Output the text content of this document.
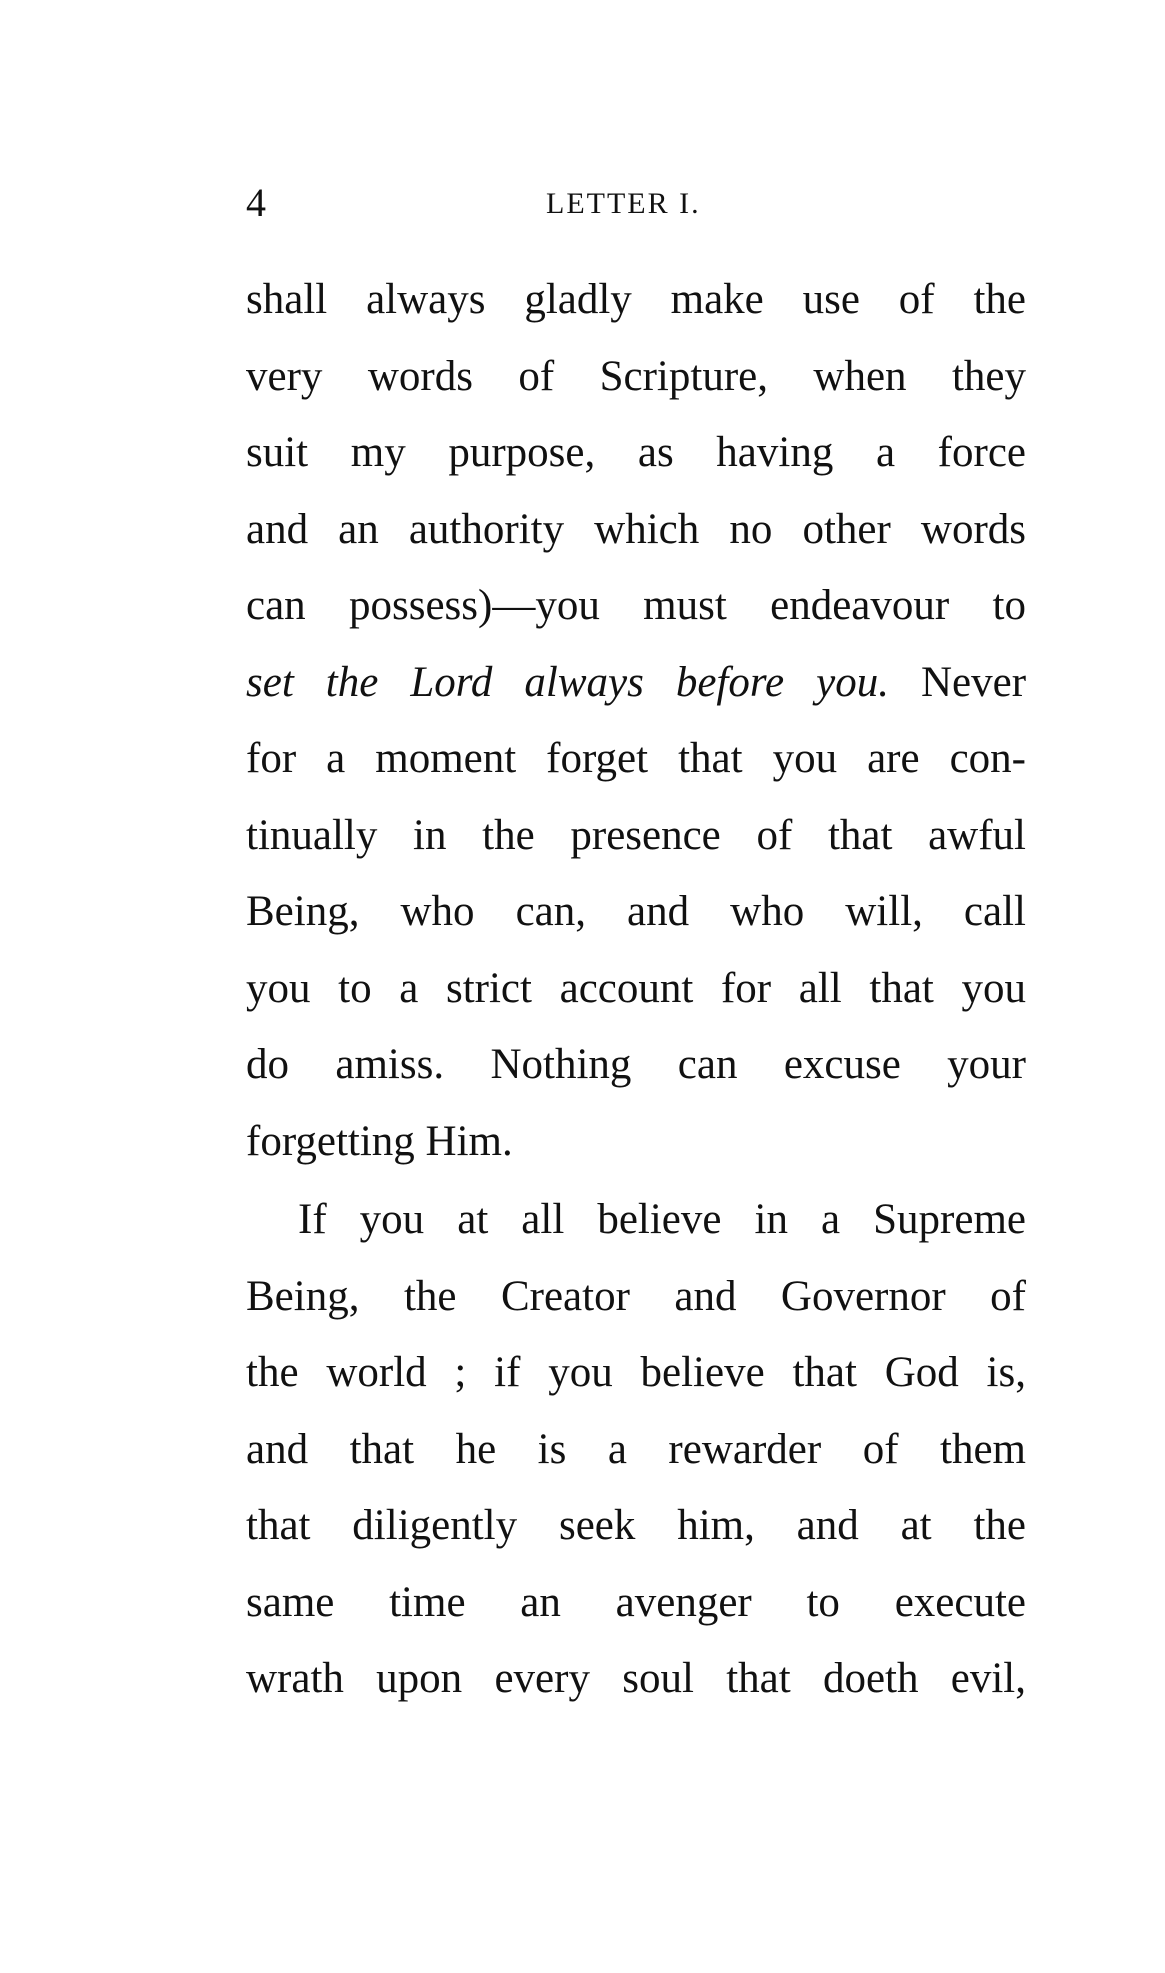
4	LETTER I.
shall always gladly make use of the
very words of Scripture, when they
suit my purpose, as having a force
and an authority which no other words
can possess)—you must endeavour to
set the Lord always before you. Never
for a moment forget that you are con-
tinually in the presence of that awful
Being, who can, and who will, call
you to a strict account for all that you
do amiss. Nothing can excuse your
forgetting Him.
If you at all believe in a Supreme
Being, the Creator and Governor of
the world ; if you believe that God is,
and that he is a rewarder of them
that diligently seek him, and at the
same time an avenger to execute
wrath upon every soul that doeth evil,
